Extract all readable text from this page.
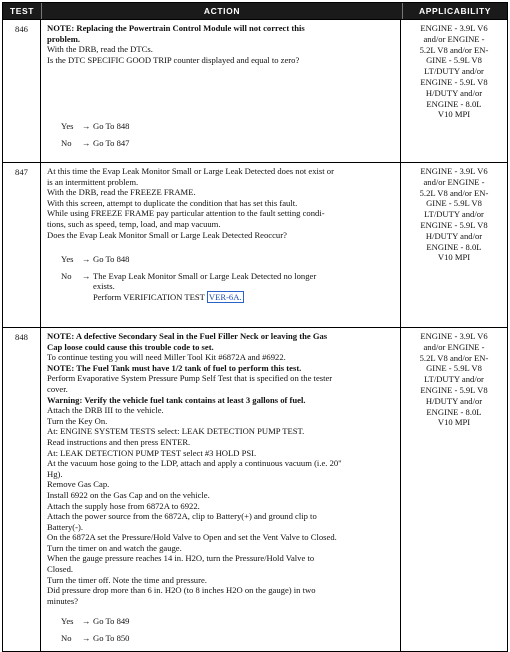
TEST	ACTION	APPLICABILITY
846	NOTE: Replacing the Powertrain Control Module will not correct this
problem.
With the DRB, read the DTCs.
Is the DTC SPECIFIC GOOD TRIP counter displayed and equal to zero?
Yes → Go To 848
No	→ Go To 847
ENGINE - 3.9L V6
and/or ENGINE -
5.2L V8 and/or EN-
GINE - 5.9L V8
LT/DUTY and/or
ENGINE - 5.9L V8
H/DUTY and/or
ENGINE - 8.0L
V10 MPI
847	At this time the Evap Leak Monitor Small or Large Leak Detected does not exist or
is an intermittent problem.
With the DRB, read the FREEZE FRAME.
With this screen, attempt to duplicate the condition that has set this fault.
While using FREEZE FRAME pay particular attention to the fault setting condi-
tions, such as speed, temp, load, and map vacuum.
Does the Evap Leak Monitor Small or Large Leak Detected Reoccur?
Yes → Go To 848
No	→ The Evap Leak Monitor Small or Large Leak Detected no longer
exists.
Perform VERIFICATION TEST VER-6A.
ENGINE - 3.9L V6
and/or ENGINE -
5.2L V8 and/or EN-
GINE - 5.9L V8
LT/DUTY and/or
ENGINE - 5.9L V8
H/DUTY and/or
ENGINE - 8.0L
V10 MPI
848	NOTE: A defective Secondary Seal in the Fuel Filler Neck or leaving the Gas
Cap loose could cause this trouble code to set.
To continue testing you will need Miller Tool Kit #6872A and #6922.
NOTE: The Fuel Tank must have 1/2 tank of fuel to perform this test.
Perform Evaporative System Pressure Pump Self Test that is specified on the tester
cover.
Warning: Verify the vehicle fuel tank contains at least 3 gallons of fuel.
Attach the DRB III to the vehicle.
Turn the Key On.
At: ENGINE SYSTEM TESTS select: LEAK DETECTION PUMP TEST.
Read instructions and then press ENTER.
At: LEAK DETECTION PUMP TEST select #3 HOLD PSI.
At the vacuum hose going to the LDP, attach and apply a continuous vacuum (i.e. 20"
Hg).
Remove Gas Cap.
Install 6922 on the Gas Cap and on the vehicle.
Attach the supply hose from 6872A to 6922.
Attach the power source from the 6872A, clip to Battery(+) and ground clip to
Battery(-).
On the 6872A set the Pressure/Hold Valve to Open and set the Vent Valve to Closed.
Turn the timer on and watch the gauge.
When the gauge pressure reaches 14 in. H2O, turn the Pressure/Hold Valve to
Closed.
Turn the timer off. Note the time and pressure.
Did pressure drop more than 6 in. H2O (to 8 inches H2O on the gauge) in two
minutes?
Yes → Go To 849
No	→ Go To 850
ENGINE - 3.9L V6
and/or ENGINE -
5.2L V8 and/or EN-
GINE - 5.9L V8
LT/DUTY and/or
ENGINE - 5.9L V8
H/DUTY and/or
ENGINE - 8.0L
V10 MPI
